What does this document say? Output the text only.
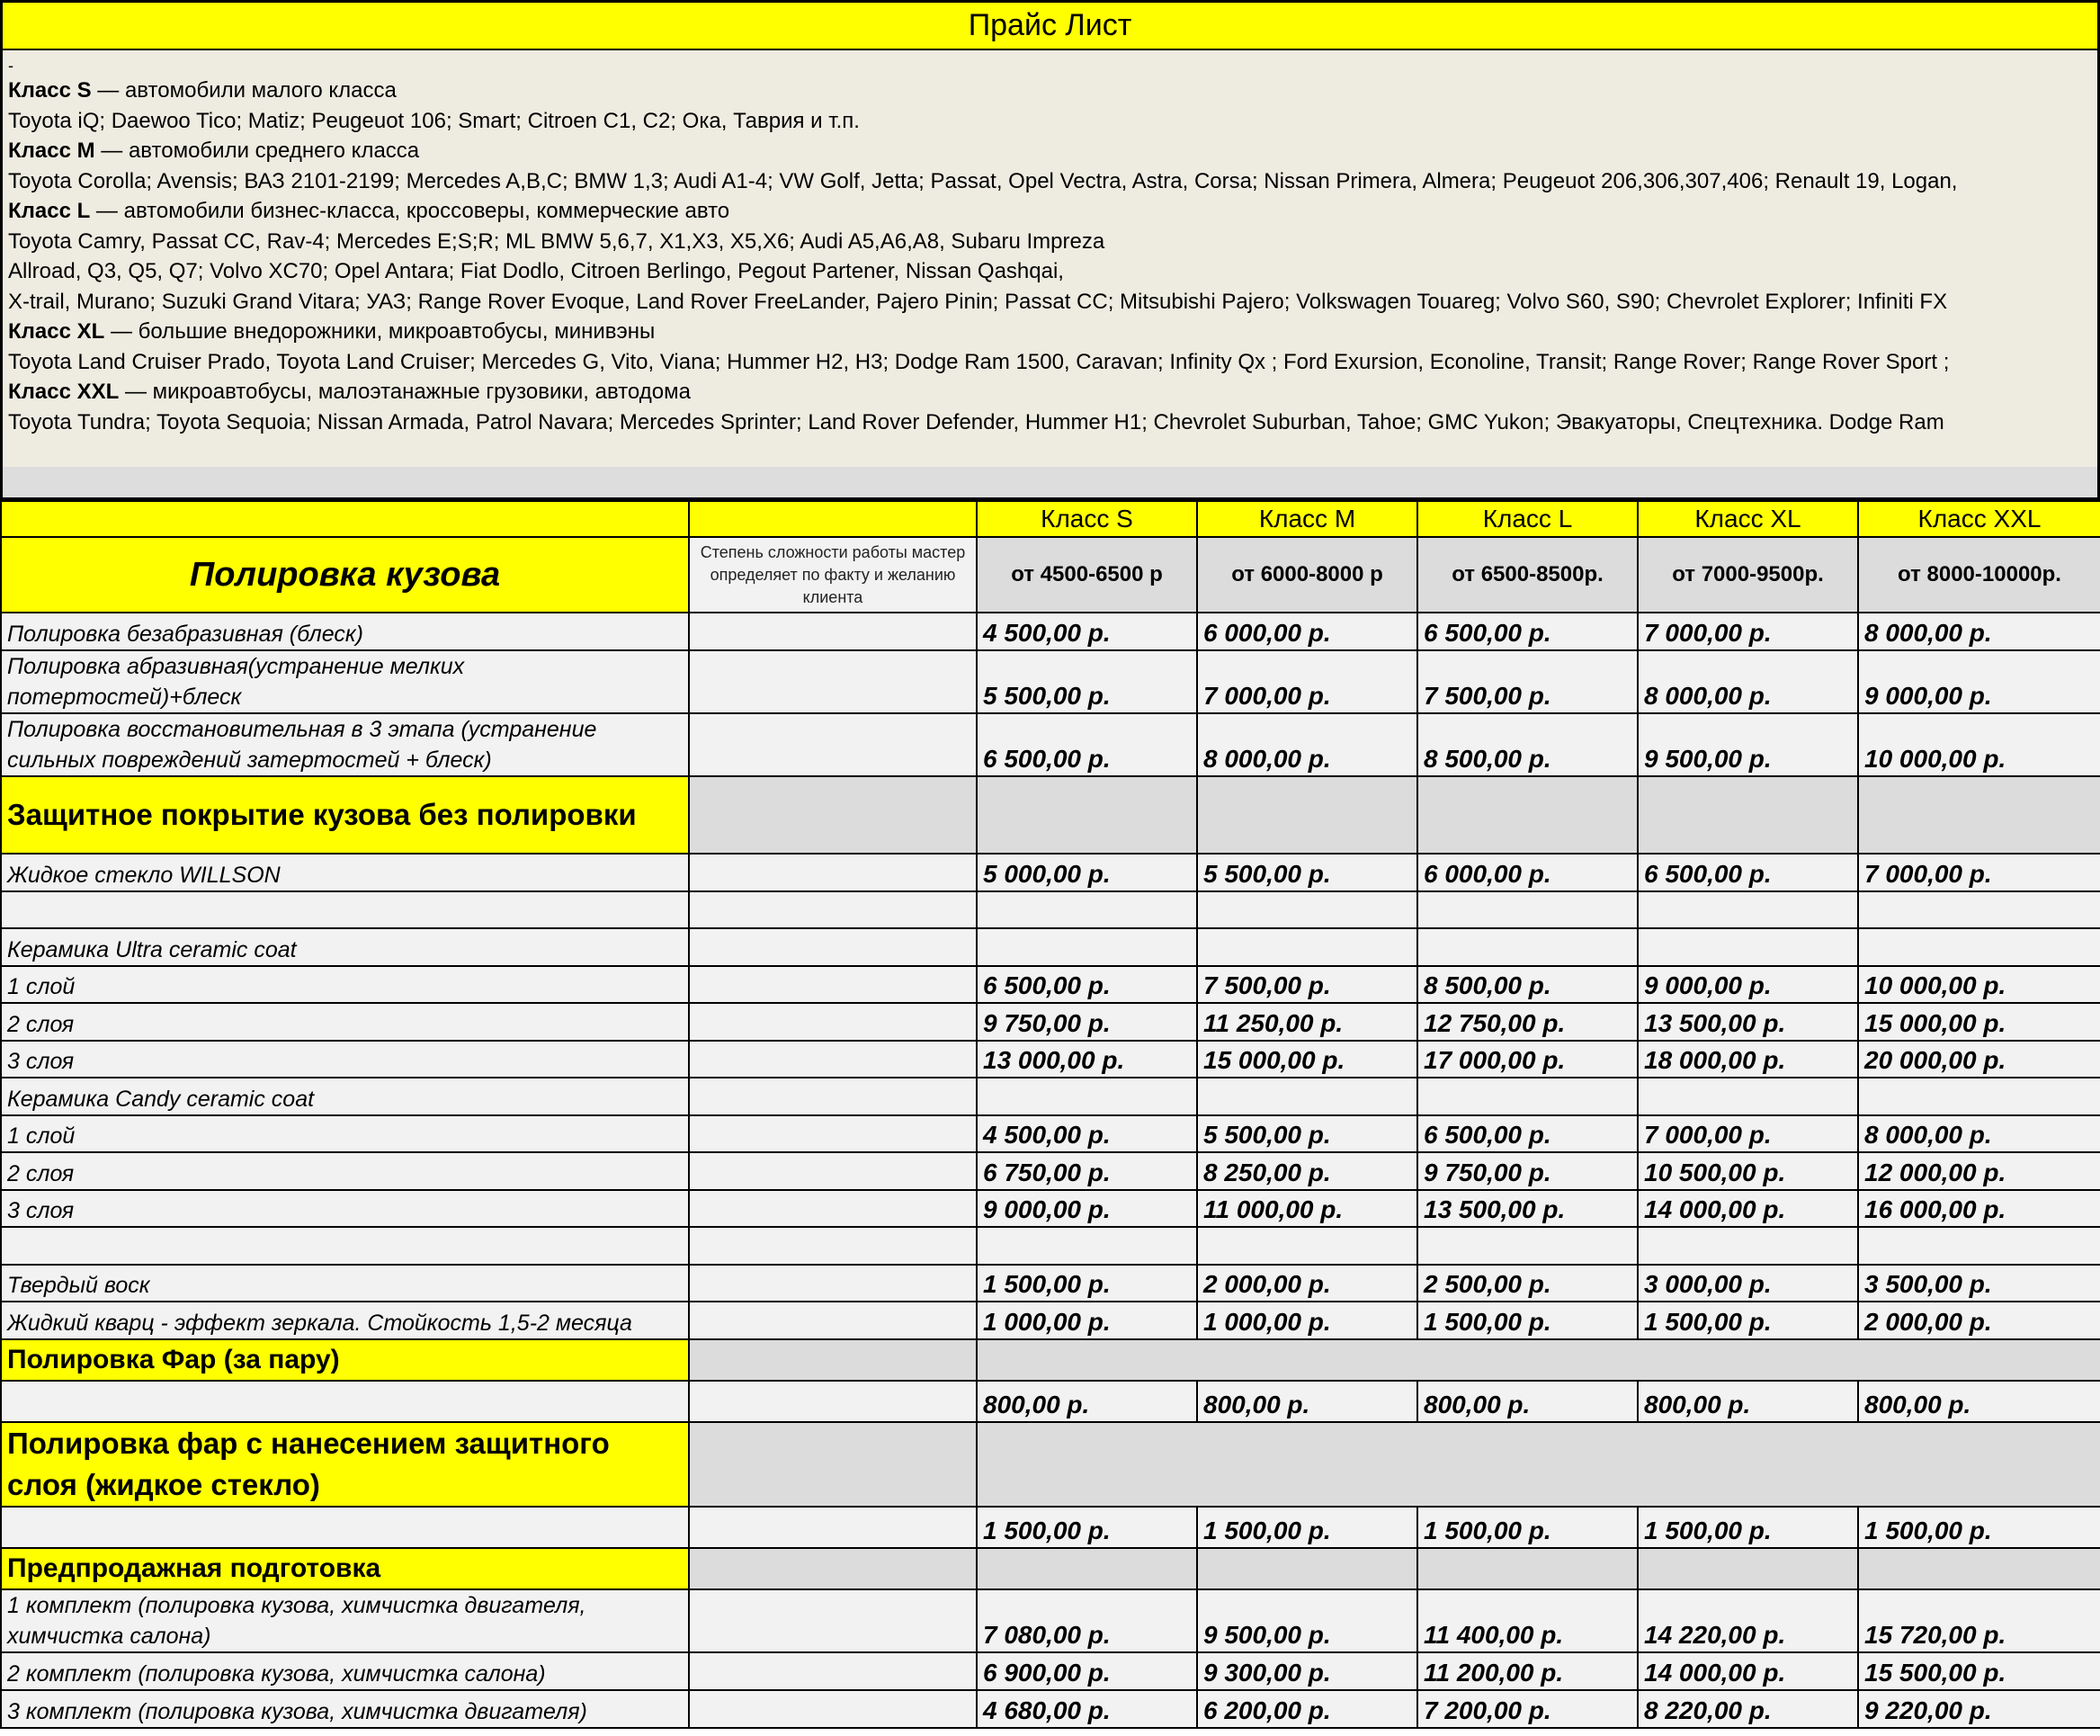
Прайс Лист
-
Класс S — автомобили малого класса
Toyota iQ; Daewoo Tico; Matiz; Peugeuot 106; Smart; Citroen C1, C2; Ока, Таврия и т.п.
Класс M — автомобили среднего класса
Toyota Corolla; Avensis; ВАЗ 2101-2199; Mercedes A,B,C; BMW 1,3; Audi A1-4; VW Golf, Jetta; Passat, Opel Vectra, Astra, Corsa; Nissan Primera, Almera; Peugeuot 206,306,307,406; Renault 19, Logan,
Класс L — автомобили бизнес-класса, кроссоверы, коммерческие авто
Toyota Camry, Passat CC, Rav-4; Mercedes E;S;R; ML BMW 5,6,7, X1,X3, X5,X6; Audi A5,A6,A8, Subaru Impreza
Allroad, Q3, Q5, Q7; Volvo XC70; Opel Antara; Fiat Dodlo, Citroen Berlingo, Pegout Partener, Nissan Qashqai,
X-trail, Murano; Suzuki Grand Vitara; УАЗ; Range Rover Evoque, Land Rover FreeLander, Pajero Pinin; Passat CC; Mitsubishi Pajero; Volkswagen Touareg; Volvo S60, S90; Chevrolet Explorer; Infiniti FX
Класс XL — большие внедорожники, микроавтобусы, минивэны
Toyota Land Cruiser Prado, Toyota Land Cruiser; Mercedes G, Vito, Viana; Hummer H2, H3; Dodge Ram 1500, Caravan; Infinity Qx ; Ford Exursion, Econoline, Transit; Range Rover; Range Rover Sport ;
Класс XXL — микроавтобусы, малоэтанажные грузовики, автодома
Toyota Tundra; Toyota Sequoia; Nissan Armada, Patrol Navara; Mercedes Sprinter; Land Rover Defender, Hummer H1; Chevrolet Suburban, Tahoe; GMC Yukon; Эвакуаторы, Спецтехника. Dodge Ram
		Класс S	Класс M	Класс L	Класс XL	Класс XXL
Полировка кузова	Степень сложности работы мастер определяет по факту и желанию клиента	от 4500-6500 р	от 6000-8000 р	от 6500-8500р.	от 7000-9500р.	от 8000-10000р.
Полировка безабразивная (блеск)		4 500,00 р.	6 000,00 р.	6 500,00 р.	7 000,00 р.	8 000,00 р.
Полировка абразивная(устранение мелких потертостей)+блеск		5 500,00 р.	7 000,00 р.	7 500,00 р.	8 000,00 р.	9 000,00 р.
Полировка восстановительная в 3 этапа (устранение сильных повреждений затертостей + блеск)		6 500,00 р.	8 000,00 р.	8 500,00 р.	9 500,00 р.	10 000,00 р.
Защитное покрытие кузова без полировки						
Жидкое стекло WILLSON		5 000,00 р.	5 500,00 р.	6 000,00 р.	6 500,00 р.	7 000,00 р.

Керамика Ultra ceramic coat						
1 слой		6 500,00 р.	7 500,00 р.	8 500,00 р.	9 000,00 р.	10 000,00 р.
2 слоя		9 750,00 р.	11 250,00 р.	12 750,00 р.	13 500,00 р.	15 000,00 р.
3 слоя		13 000,00 р.	15 000,00 р.	17 000,00 р.	18 000,00 р.	20 000,00 р.
Керамика Candy ceramic coat						
1 слой		4 500,00 р.	5 500,00 р.	6 500,00 р.	7 000,00 р.	8 000,00 р.
2 слоя		6 750,00 р.	8 250,00 р.	9 750,00 р.	10 500,00 р.	12 000,00 р.
3 слоя		9 000,00 р.	11 000,00 р.	13 500,00 р.	14 000,00 р.	16 000,00 р.

Твердый воск		1 500,00 р.	2 000,00 р.	2 500,00 р.	3 000,00 р.	3 500,00 р.
Жидкий кварц - эффект зеркала. Стойкость 1,5-2 месяца		1 000,00 р.	1 000,00 р.	1 500,00 р.	1 500,00 р.	2 000,00 р.
Полировка Фар (за пару)						
		800,00 р.	800,00 р.	800,00 р.	800,00 р.	800,00 р.
Полировка фар с нанесением защитного слоя (жидкое стекло)						
		1 500,00 р.	1 500,00 р.	1 500,00 р.	1 500,00 р.	1 500,00 р.
Предпродажная подготовка						
1 комплект (полировка кузова, химчистка двигателя, химчистка салона)		7 080,00 р.	9 500,00 р.	11 400,00 р.	14 220,00 р.	15 720,00 р.
2 комплект (полировка кузова, химчистка салона)		6 900,00 р.	9 300,00 р.	11 200,00 р.	14 000,00 р.	15 500,00 р.
3 комплект (полировка кузова, химчистка двигателя)		4 680,00 р.	6 200,00 р.	7 200,00 р.	8 220,00 р.	9 220,00 р.
